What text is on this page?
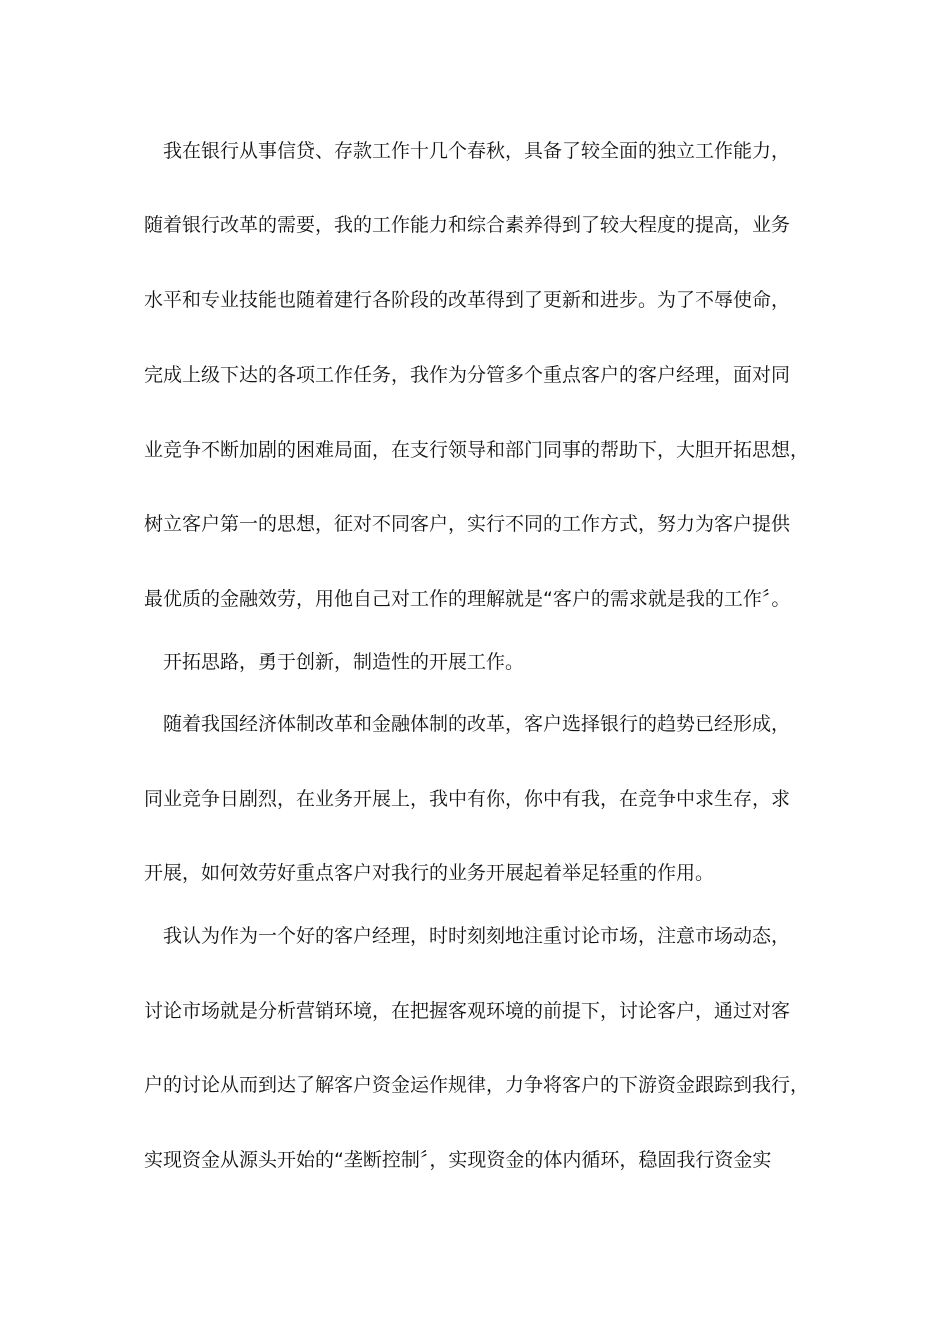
我在银行从事信贷、存款工作十几个春秋，具备了较全面的独立工作能力，
随着银行改革的需要，我的工作能力和综合素养得到了较大程度的提高，业务
水平和专业技能也随着建行各阶段的改革得到了更新和进步。为了不辱使命，
完成上级下达的各项工作任务，我作为分管多个重点客户的客户经理，面对同
业竞争不断加剧的困难局面，在支行领导和部门同事的帮助下，大胆开拓思想，
树立客户第一的思想，征对不同客户，实行不同的工作方式，努力为客户提供
最优质的金融效劳，用他自己对工作的理解就是“客户的需求就是我的工作〞。
开拓思路，勇于创新，制造性的开展工作。
随着我国经济体制改革和金融体制的改革，客户选择银行的趋势已经形成，
同业竞争日剧烈，在业务开展上，我中有你，你中有我，在竞争中求生存，求
开展，如何效劳好重点客户对我行的业务开展起着举足轻重的作用。
我认为作为一个好的客户经理，时时刻刻地注重讨论市场，注意市场动态，
讨论市场就是分析营销环境，在把握客观环境的前提下，讨论客户，通过对客
户的讨论从而到达了解客户资金运作规律，力争将客户的下游资金跟踪到我行，
实现资金从源头开始的“垄断控制〞，实现资金的体内循环，稳固我行资金实
